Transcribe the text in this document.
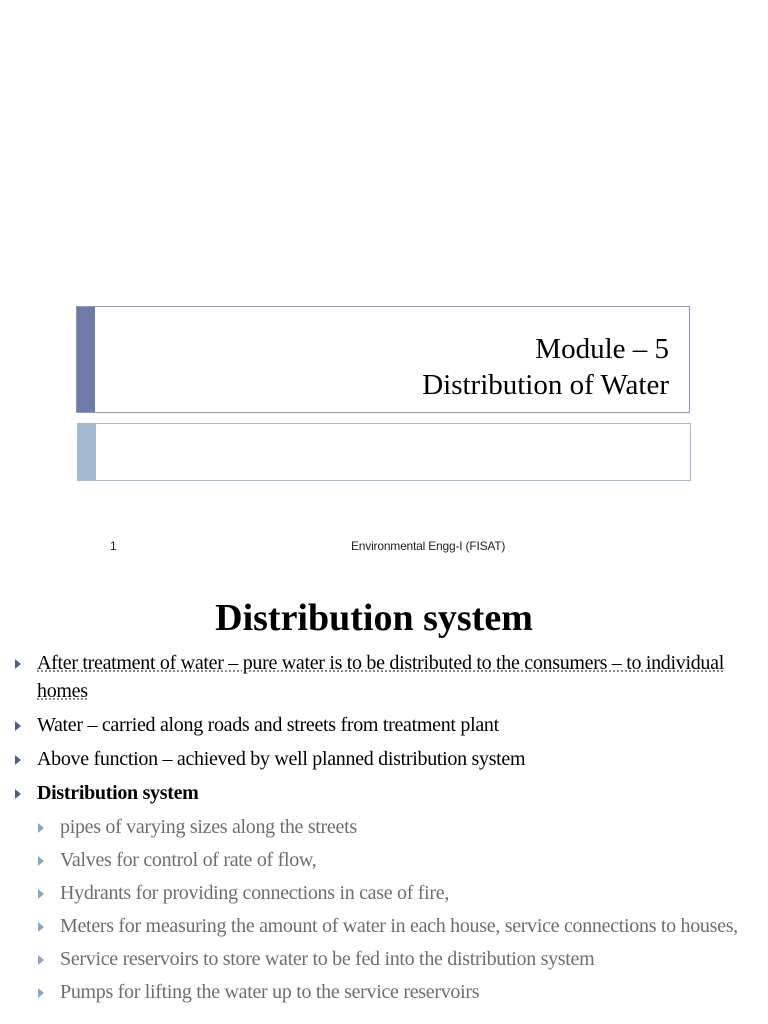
Module – 5
Distribution of Water
1	Environmental Engg-I (FISAT)
Distribution system
After treatment of water – pure water is to be distributed to the consumers – to individual homes
Water – carried along roads and streets from treatment plant
Above function – achieved by well planned distribution system
Distribution system
pipes of varying sizes along the streets
Valves for control of rate of flow,
Hydrants for providing connections in case of fire,
Meters for measuring the amount of water in each house, service connections to houses,
Service reservoirs to store water to be fed into the distribution system
Pumps for lifting the water up to the service reservoirs
